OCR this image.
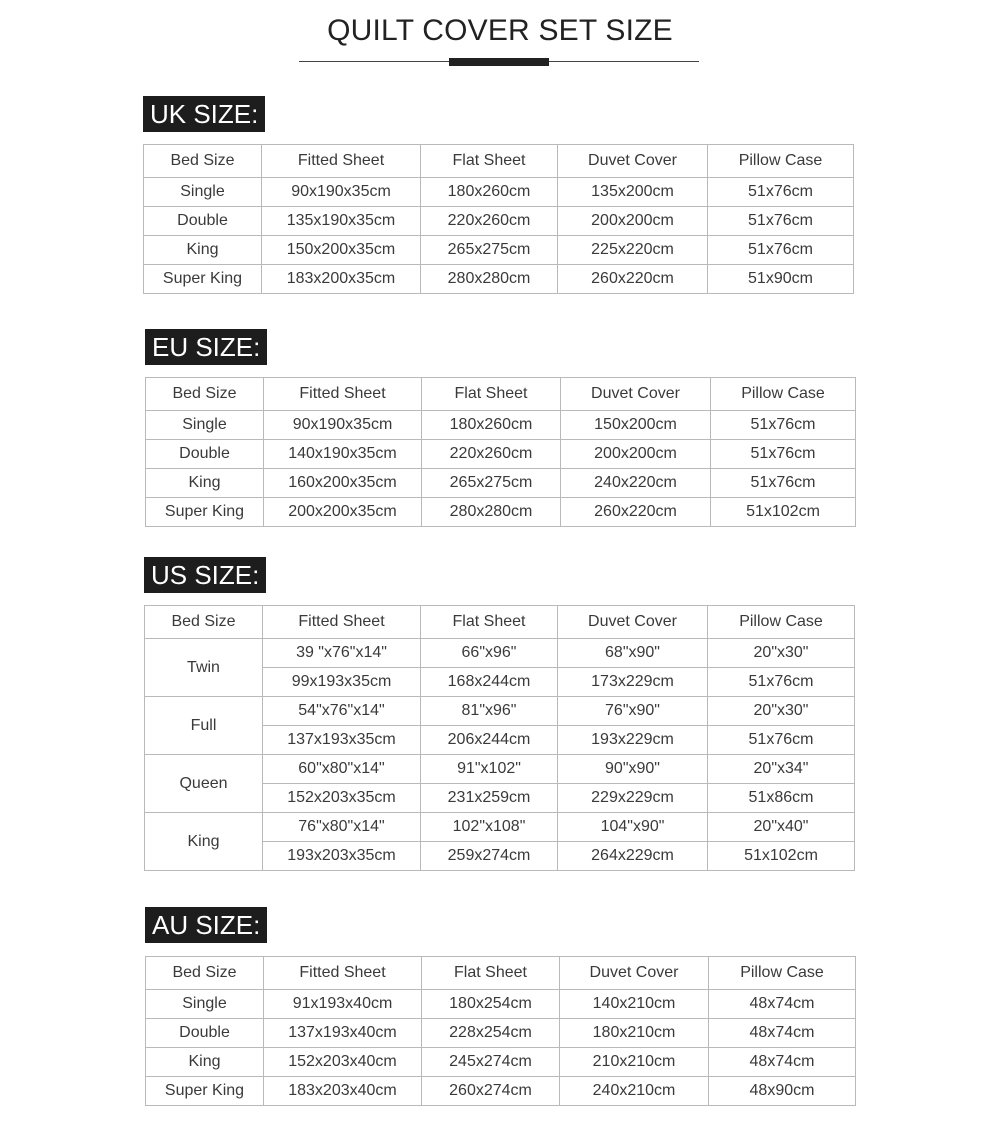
QUILT COVER SET SIZE
UK SIZE:
Bed Size	Fitted Sheet	Flat Sheet	Duvet Cover	Pillow Case
Single	90x190x35cm	180x260cm	135x200cm	51x76cm
Double	135x190x35cm	220x260cm	200x200cm	51x76cm
King	150x200x35cm	265x275cm	225x220cm	51x76cm
Super King	183x200x35cm	280x280cm	260x220cm	51x90cm
EU SIZE:
Bed Size	Fitted Sheet	Flat Sheet	Duvet Cover	Pillow Case
Single	90x190x35cm	180x260cm	150x200cm	51x76cm
Double	140x190x35cm	220x260cm	200x200cm	51x76cm
King	160x200x35cm	265x275cm	240x220cm	51x76cm
Super King	200x200x35cm	280x280cm	260x220cm	51x102cm
US SIZE:
Bed Size	Fitted Sheet	Flat Sheet	Duvet Cover	Pillow Case
Twin	39 "x76"x14"	66"x96"	68"x90"	20"x30"
	99x193x35cm	168x244cm	173x229cm	51x76cm
Full	54"x76"x14"	81"x96"	76"x90"	20"x30"
	137x193x35cm	206x244cm	193x229cm	51x76cm
Queen	60"x80"x14"	91"x102"	90"x90"	20"x34"
	152x203x35cm	231x259cm	229x229cm	51x86cm
King	76"x80"x14"	102"x108"	104"x90"	20"x40"
	193x203x35cm	259x274cm	264x229cm	51x102cm
AU SIZE:
Bed Size	Fitted Sheet	Flat Sheet	Duvet Cover	Pillow Case
Single	91x193x40cm	180x254cm	140x210cm	48x74cm
Double	137x193x40cm	228x254cm	180x210cm	48x74cm
King	152x203x40cm	245x274cm	210x210cm	48x74cm
Super King	183x203x40cm	260x274cm	240x210cm	48x90cm
